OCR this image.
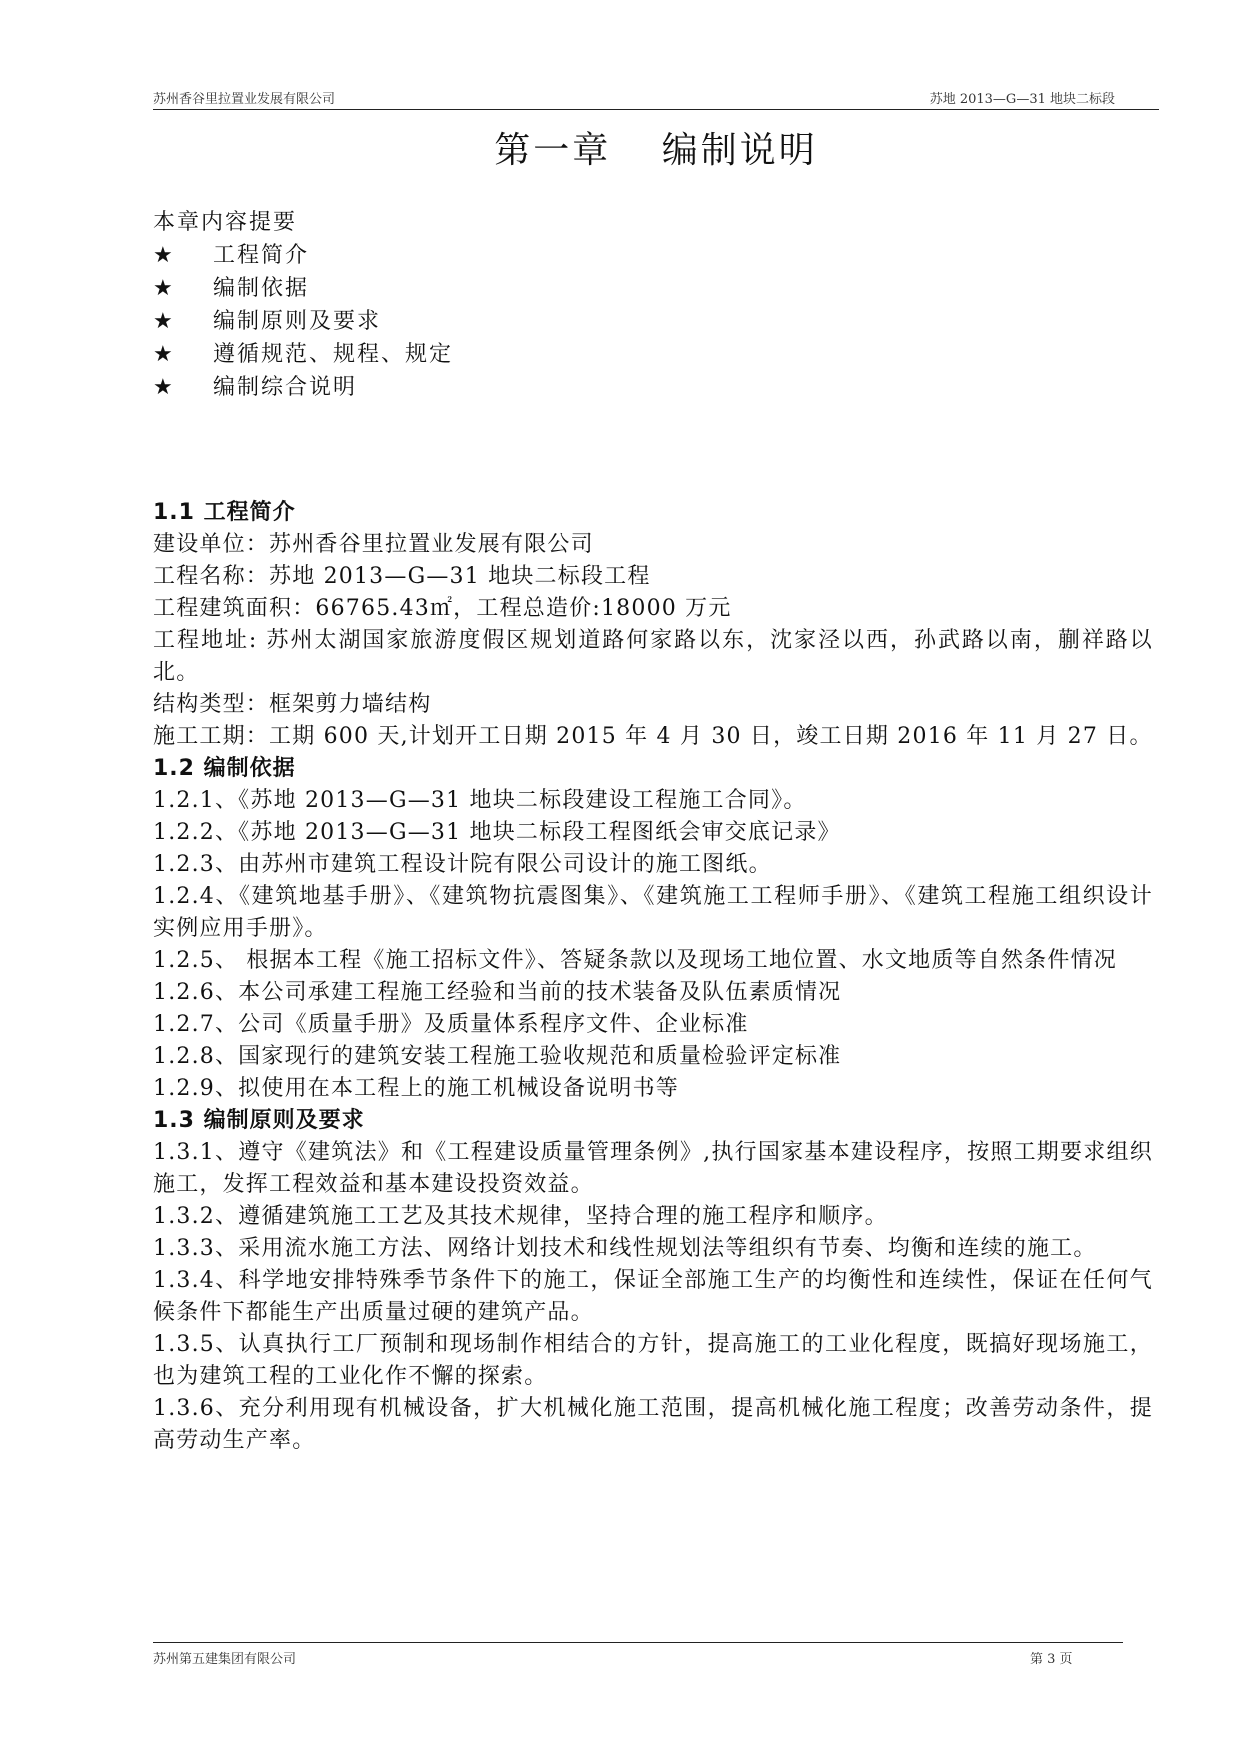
苏州香谷里拉置业发展有限公司	苏地 2013—G—31 地块二标段
第一章 编制说明
本章内容提要
★ 工程简介
★ 编制依据
★ 编制原则及要求
★ 遵循规范、规程、规定
★ 编制综合说明
1.1 工程简介

建设单位：苏州香谷里拉置业发展有限公司

工程名称：苏地 2013—G—31 地块二标段工程

工程建筑面积：66765.43㎡，工程总造价:18000 万元

工程地址: 苏州太湖国家旅游度假区规划道路何家路以东，沈家泾以西，孙武路以南，蒯祥路以北。

结构类型：框架剪力墙结构

施工工期：工期 600 天,计划开工日期 2015 年 4 月 30 日，竣工日期 2016 年 11 月 27 日。

1.2 编制依据

1.2.1、《苏地 2013—G—31 地块二标段建设工程施工合同》。

1.2.2、《苏地 2013—G—31 地块二标段工程图纸会审交底记录》

1.2.3、由苏州市建筑工程设计院有限公司设计的施工图纸。

1.2.4、《建筑地基手册》、《建筑物抗震图集》、《建筑施工工程师手册》、《建筑工程施工组织设计实例应用手册》。

1.2.5、 根据本工程《施工招标文件》、答疑条款以及现场工地位置、水文地质等自然条件情况

1.2.6、本公司承建工程施工经验和当前的技术装备及队伍素质情况

1.2.7、公司《质量手册》及质量体系程序文件、企业标准

1.2.8、国家现行的建筑安装工程施工验收规范和质量检验评定标准

1.2.9、拟使用在本工程上的施工机械设备说明书等

1.3 编制原则及要求

1.3.1、遵守《建筑法》和《工程建设质量管理条例》,执行国家基本建设程序，按照工期要求组织施工，发挥工程效益和基本建设投资效益。

1.3.2、遵循建筑施工工艺及其技术规律，坚持合理的施工程序和顺序。

1.3.3、采用流水施工方法、网络计划技术和线性规划法等组织有节奏、均衡和连续的施工。

1.3.4、科学地安排特殊季节条件下的施工，保证全部施工生产的均衡性和连续性，保证在任何气候条件下都能生产出质量过硬的建筑产品。

1.3.5、认真执行工厂预制和现场制作相结合的方针，提高施工的工业化程度，既搞好现场施工，也为建筑工程的工业化作不懈的探索。

1.3.6、充分利用现有机械设备，扩大机械化施工范围，提高机械化施工程度；改善劳动条件，提高劳动生产率。

苏州第五建集团有限公司	第 3 页
